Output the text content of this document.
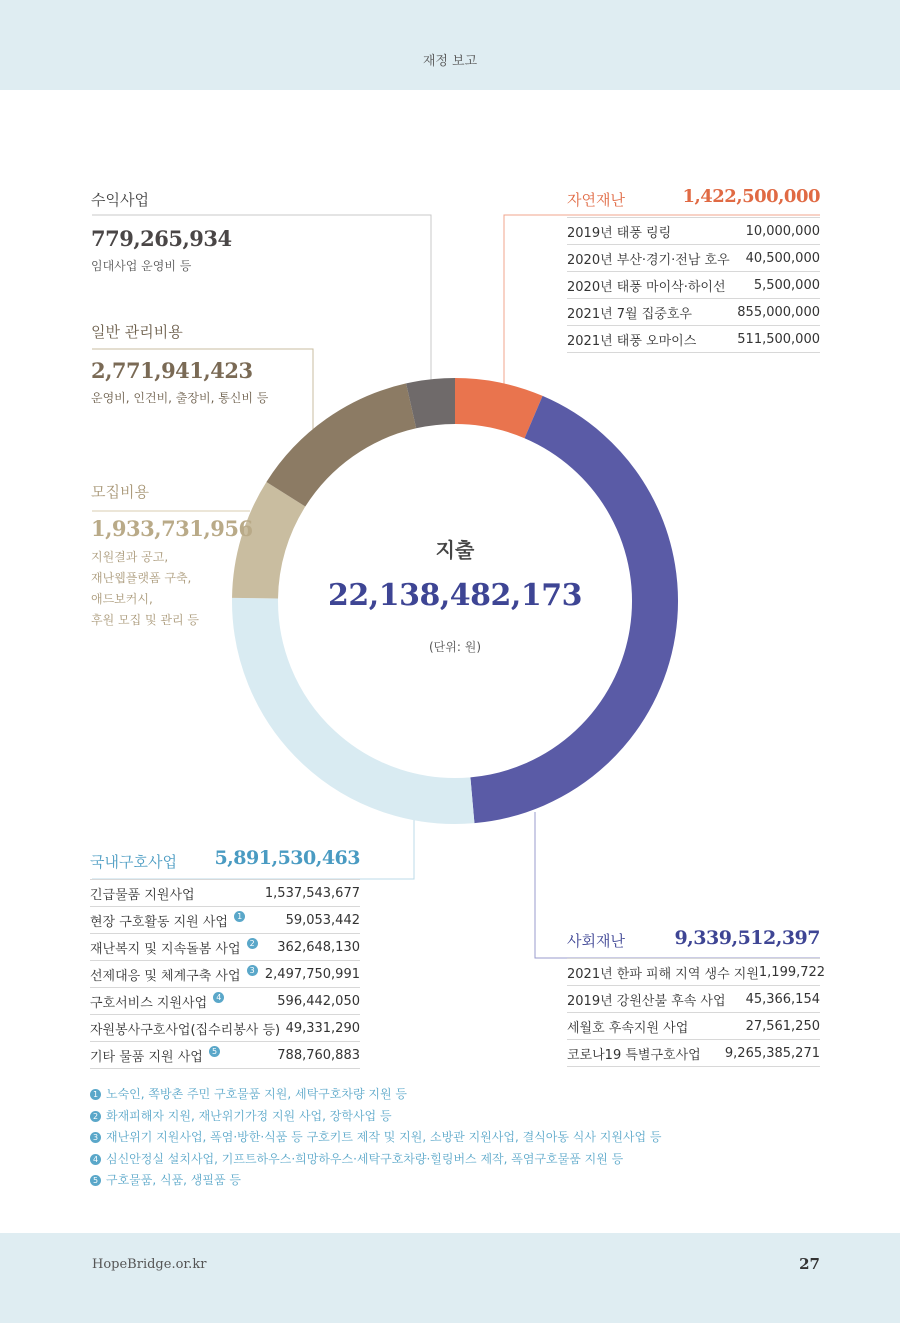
재정 보고
지출
22,138,482,173
(단위: 원)
수익사업
779,265,934
임대사업 운영비 등
일반 관리비용
2,771,941,423
운영비, 인건비, 출장비, 통신비 등
모집비용
1,933,731,956
지원결과 공고,
재난웹플랫폼 구축,
애드보커시,
후원 모집 및 관리 등
자연재난	1,422,500,000
2019년 태풍 링링	10,000,000
2020년 부산·경기·전남 호우 40,500,000
2020년 태풍 마이삭·하이선 5,500,000
2021년 7월 집중호우	855,000,000
2021년 태풍 오마이스	511,500,000
국내구호사업	5,891,530,463
긴급물품 지원사업	1,537,543,677
현장 구호활동 지원 사업 1	59,053,442
재난복지 및 지속돌봄 사업 2 362,648,130
선제대응 및 체계구축 사업 3 2,497,750,991
구호서비스 지원사업 4	596,442,050
자원봉사구호사업(집수리봉사 등) 49,331,290
기타 물품 지원 사업 5	788,760,883
사회재난	9,339,512,397
2021년 한파 피해 지역 생수 지원 1,199,722
2019년 강원산불 후속 사업 45,366,154
세월호 후속지원 사업	27,561,250
코로나19 특별구호사업 9,265,385,271
1 노숙인, 쪽방촌 주민 구호물품 지원, 세탁구호차량 지원 등
2 화재피해자 지원, 재난위기가정 지원 사업, 장학사업 등
3 재난위기 지원사업, 폭염·방한·식품 등 구호키트 제작 및 지원, 소방관 지원사업, 결식아동 식사 지원사업 등
4 심신안정실 설치사업, 기프트하우스·희망하우스·세탁구호차량·힐링버스 제작, 폭염구호물품 지원 등
5 구호물품, 식품, 생필품 등
HopeBridge.or.kr	27
